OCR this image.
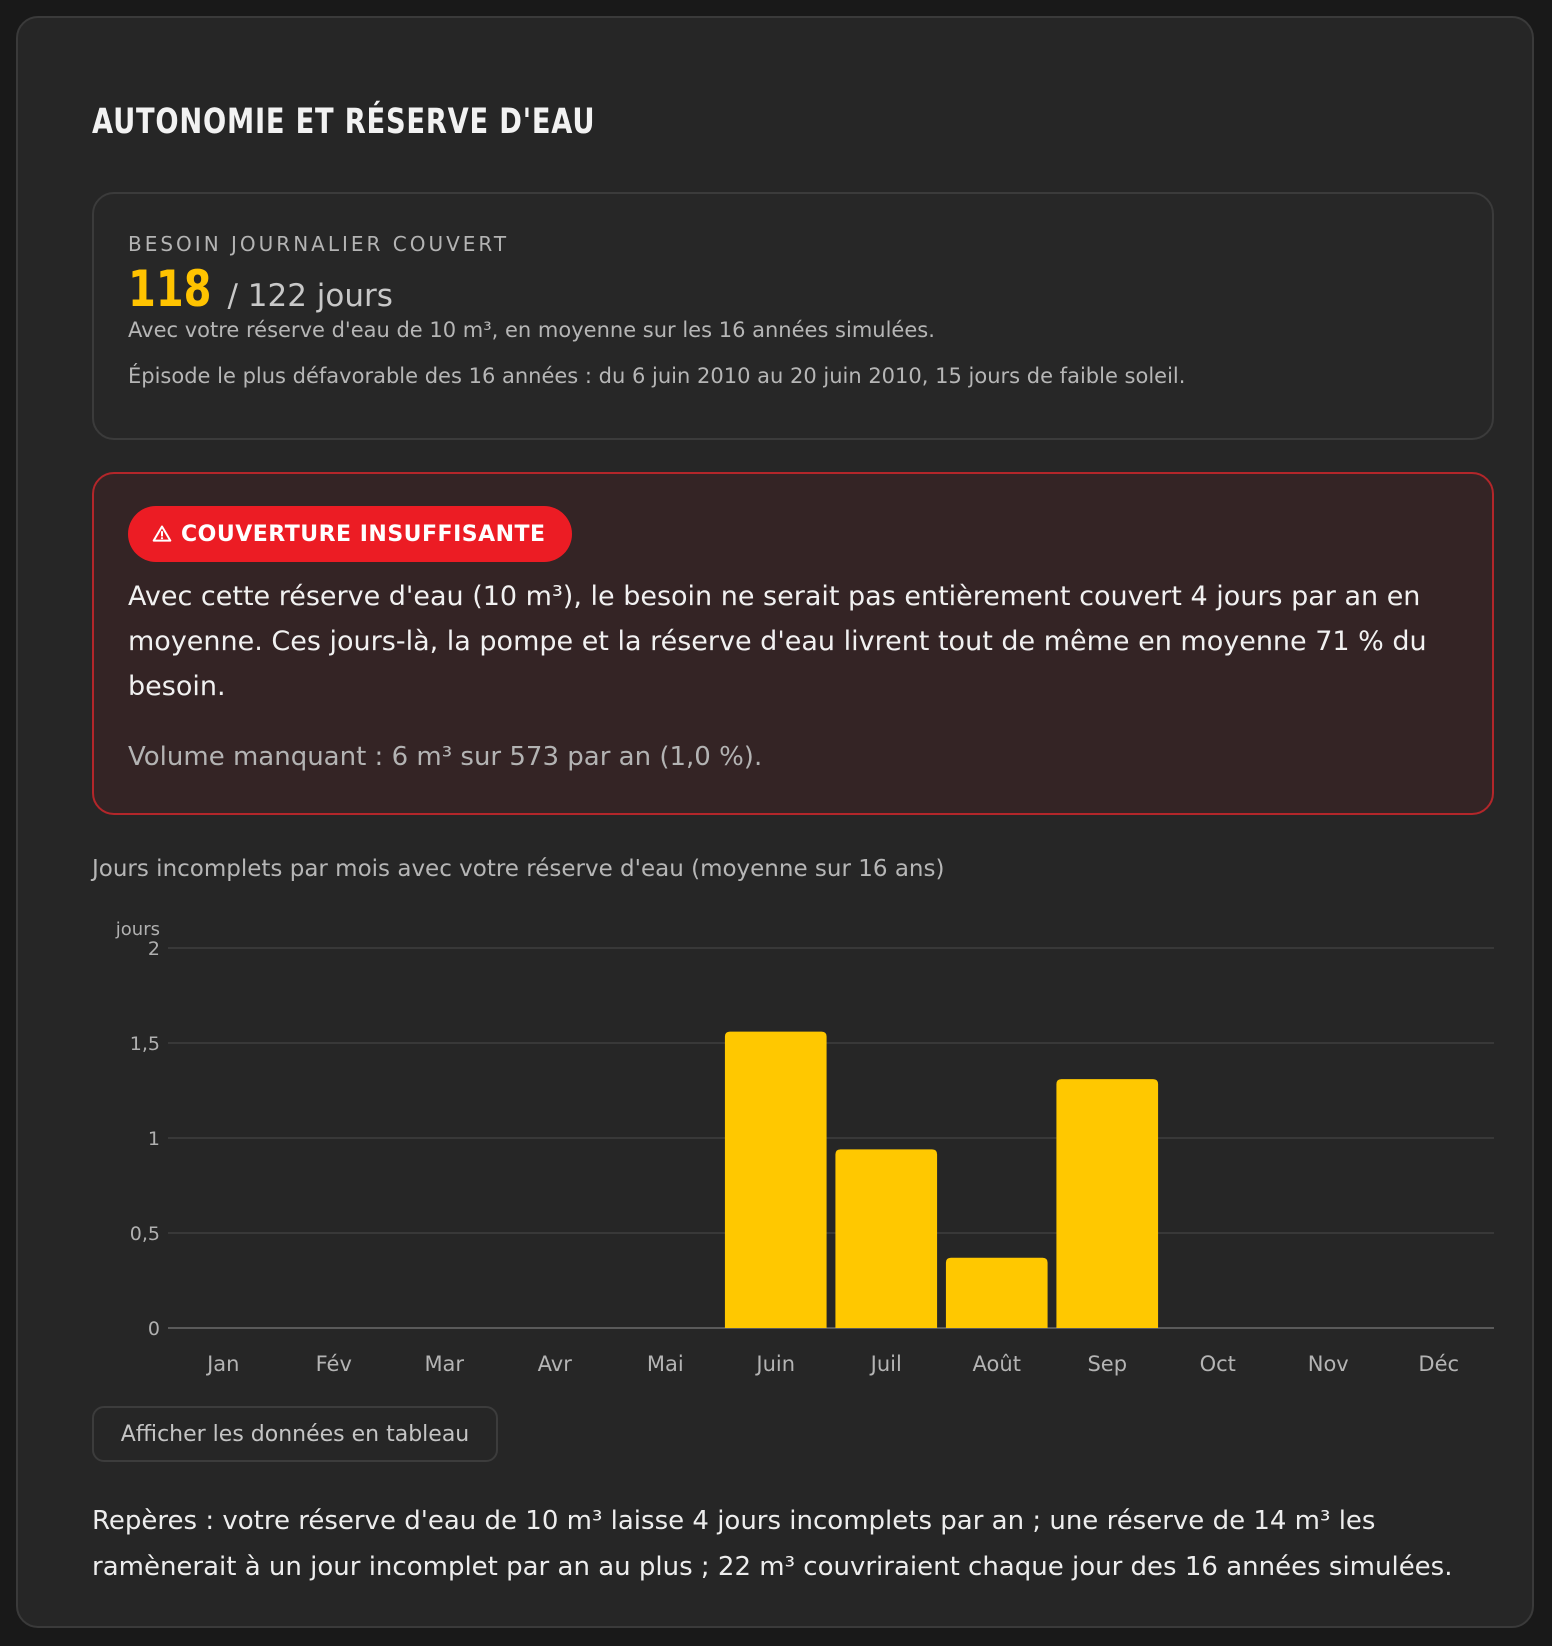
AUTONOMIE ET RÉSERVE D'EAU
BESOIN JOURNALIER COUVERT
118 / 122 jours
Avec votre réserve d'eau de 10 m³, en moyenne sur les 16 années simulées.
Épisode le plus défavorable des 16 années : du 6 juin 2010 au 20 juin 2010, 15 jours de faible soleil.
COUVERTURE INSUFFISANTE
Avec cette réserve d'eau (10 m³), le besoin ne serait pas entièrement couvert 4 jours par an en moyenne. Ces jours-là, la pompe et la réserve d'eau livrent tout de même en moyenne 71 % du besoin.
Volume manquant : 6 m³ sur 573 par an (1,0 %).
Jours incomplets par mois avec votre réserve d'eau (moyenne sur 16 ans)
jours
0
0,5
1
1,5
2
Jan	Fév	Mar	Avr	Mai	Juin	Juil	Août	Sep	Oct	Nov	Déc
Afficher les données en tableau
Repères : votre réserve d'eau de 10 m³ laisse 4 jours incomplets par an ; une réserve de 14 m³ les ramènerait à un jour incomplet par an au plus ; 22 m³ couvriraient chaque jour des 16 années simulées.
